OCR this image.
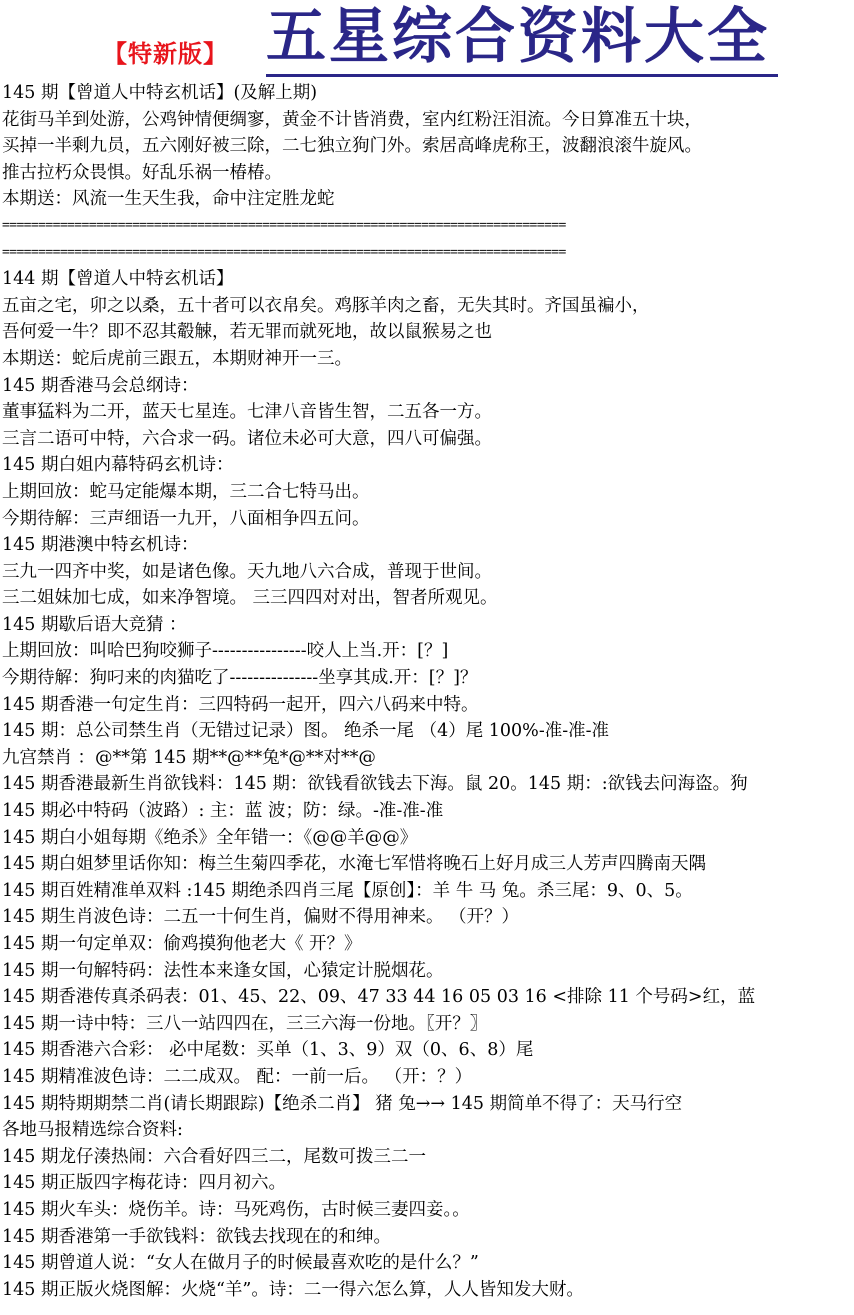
【特新版】 五星综合资料大全
145 期【曾道人中特玄机话】(及解上期)
花街马羊到处游，公鸡钟情便绸寥，黄金不计皆消费，室内红粉汪泪流。今日算准五十块，
买掉一半剩九员，五六刚好被三除，二七独立狗门外。索居高峰虎称王，波翻浪滚牛旋风。
推古拉朽众畏惧。好乱乐祸一椿椿。
本期送：风流一生天生我，命中注定胜龙蛇
==============================================================================
==============================================================================
144 期【曾道人中特玄机话】
五亩之宅，卯之以桑，五十者可以衣帛矣。鸡豚羊肉之畜，无失其时。齐国虽褊小，
吾何爱一牛？即不忍其觳觫，若无罪而就死地，故以鼠猴易之也
本期送：蛇后虎前三跟五，本期财神开一三。
145 期香港马会总纲诗：
董事猛料为二开，蓝天七星连。七津八音皆生智，二五各一方。
三言二语可中特，六合求一码。诸位未必可大意，四八可偏强。
145 期白姐内幕特码玄机诗：
上期回放：蛇马定能爆本期，三二合七特马出。
今期待解：三声细语一九开，八面相争四五问。
145 期港澳中特玄机诗：
三九一四齐中奖，如是诸色像。天九地八六合成，普现于世间。
三二姐妹加七成，如来净智境。 三三四四对对出，智者所观见。
145 期歇后语大竞猜 ：
上期回放：叫哈巴狗咬狮子----------------咬人上当.开：[？]
今期待解：狗叼来的肉猫吃了---------------坐享其成.开：[？]？
145 期香港一句定生肖：三四特码一起开，四六八码来中特。
145 期：总公司禁生肖（无错过记录）图。 绝杀一尾 （4）尾 100%-准-准-准
九宫禁肖 ：@**第 145 期**@**兔*@**对**@
145 期香港最新生肖欲钱料：145 期：欲钱看欲钱去下海。鼠 20。145 期：:欲钱去问海盗。狗
145 期必中特码（波路）: 主：蓝 波；防：绿。-准-准-准
145 期白小姐每期《绝杀》全年错一：《@@羊@@》
145 期白姐梦里话你知：梅兰生菊四季花，水淹七军惜将晚石上好月成三人芳声四腾南天隅
145 期百姓精准单双料 :145 期绝杀四肖三尾【原创】：羊 牛 马 兔。杀三尾：9、0、5。
145 期生肖波色诗：二五一十何生肖，偏财不得用神来。 （开？）
145 期一句定单双：偷鸡摸狗他老大《 开？》
145 期一句解特码：法性本来逢女国，心猿定计脱烟花。
145 期香港传真杀码表：01、45、22、09、47 33 44 16 05 03 16 <排除 11 个号码>红，蓝
145 期一诗中特：三八一站四四在，三三六海一份地。〖开？〗
145 期香港六合彩： 必中尾数：买单（1、3、9）双（0、6、8）尾
145 期精准波色诗：二二成双。 配：一前一后。 （开：？）
145 期特期期禁二肖(请长期跟踪)【绝杀二肖】 猪 兔→→ 145 期简单不得了：天马行空
各地马报精选综合资料:
145 期龙仔湊热闹：六合看好四三二，尾数可拨三二一
145 期正版四字梅花诗：四月初六。
145 期火车头：烧伤羊。诗：马死鸡伤，古时候三妻四妾。。
145 期香港第一手欲钱料：欲钱去找现在的和绅。
145 期曾道人说：“女人在做月子的时候最喜欢吃的是什么？”
145 期正版火烧图解：火烧“羊”。诗：二一得六怎么算，人人皆知发大财。
